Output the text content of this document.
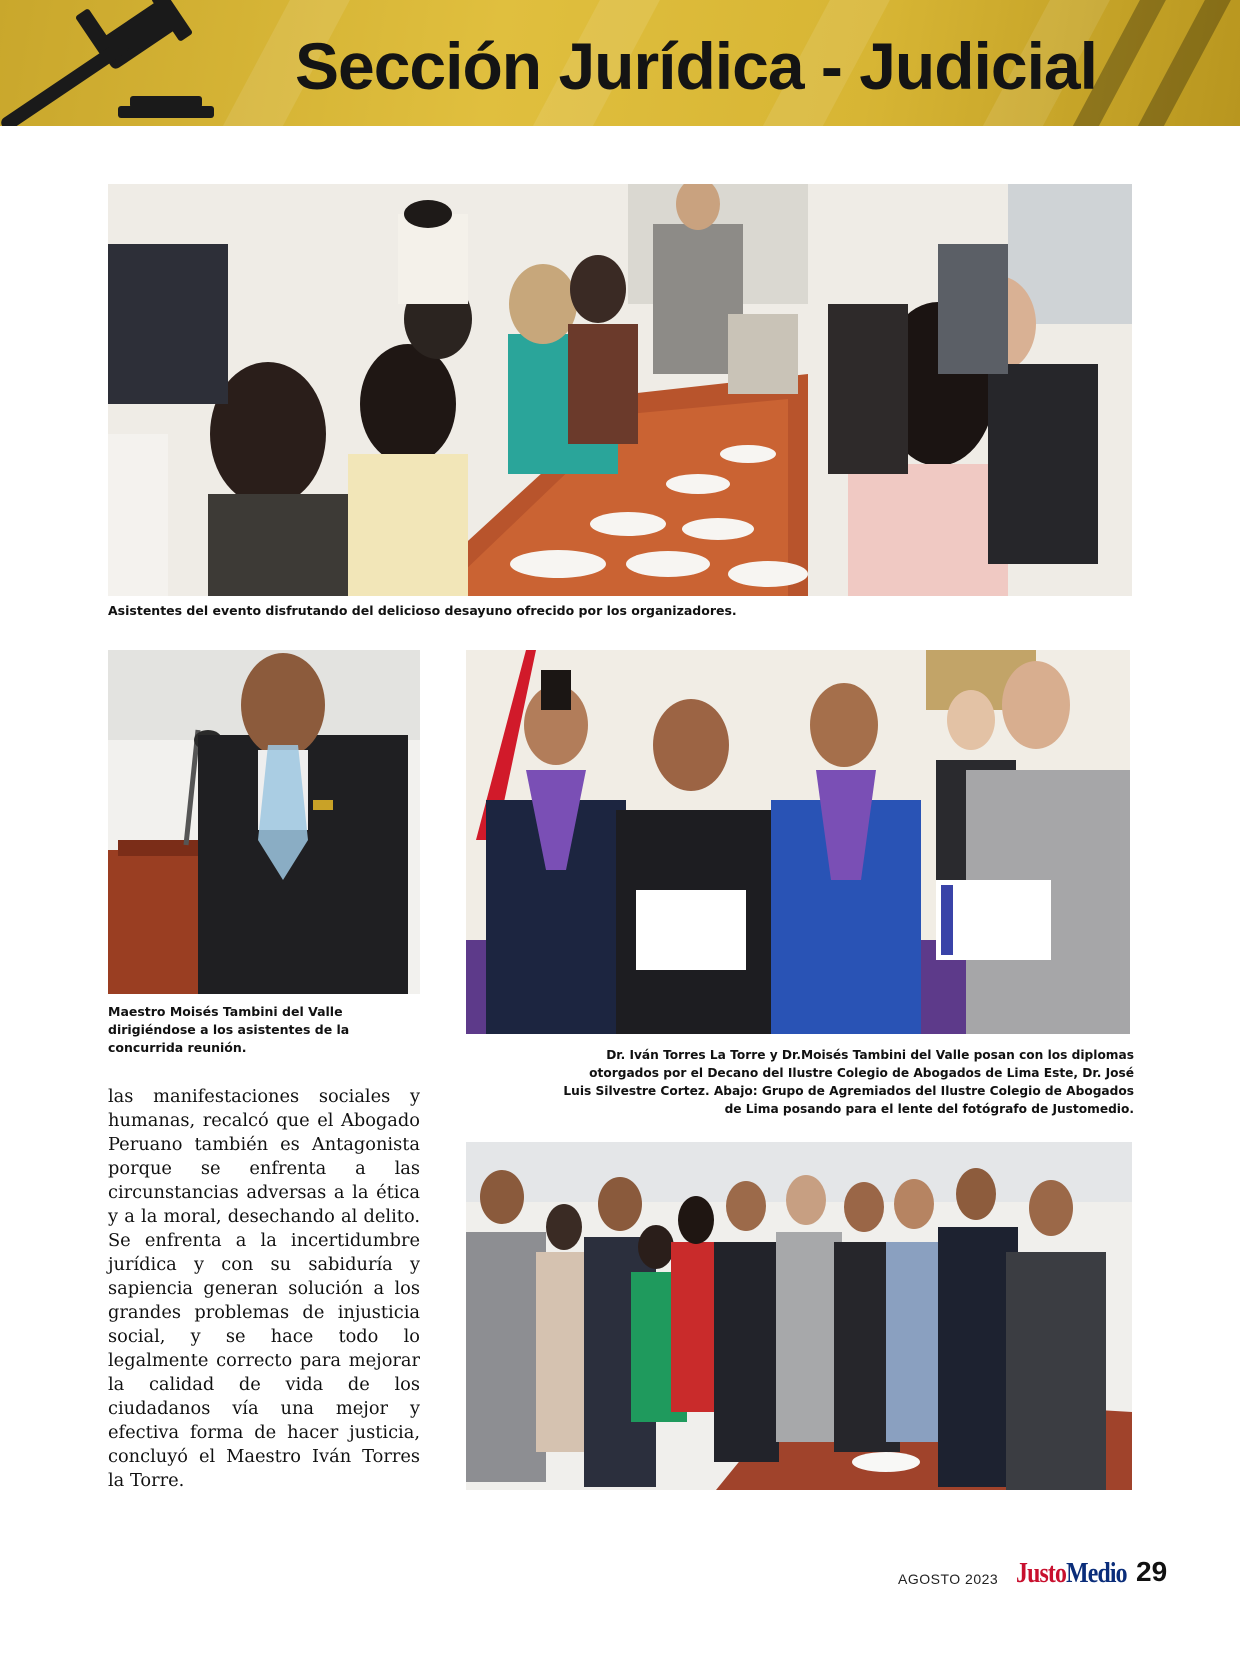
Sección Jurídica - Judicial
Asistentes del evento disfrutando del delicioso desayuno ofrecido por los organizadores.
Maestro Moisés Tambini del Valle
dirigiéndose a los asistentes de la
concurrida reunión.	Dr. Iván Torres La Torre y Dr.Moisés Tambini del Valle posan con los diplomas
otorgados por el Decano del Ilustre Colegio de Abogados de Lima Este, Dr. José
Luis Silvestre Cortez. Abajo: Grupo de Agremiados del Ilustre Colegio de Abogados
de Lima posando para el lente del fotógrafo de Justomedio.
las manifestaciones sociales y humanas, recalcó que el Abogado Peruano también es Antagonista porque se enfrenta a las circunstancias adversas a la ética y a la moral, desechando al delito. Se enfrenta a la incertidumbre jurídica y con su sabiduría y sapiencia generan solución a los grandes problemas de injusticia social, y se hace todo lo legalmente correcto para mejorar la calidad de vida de los ciudadanos vía una mejor y efectiva forma de hacer justicia, concluyó el Maestro Iván Torres la Torre.
AGOSTO 2023 JustoMedio 29
